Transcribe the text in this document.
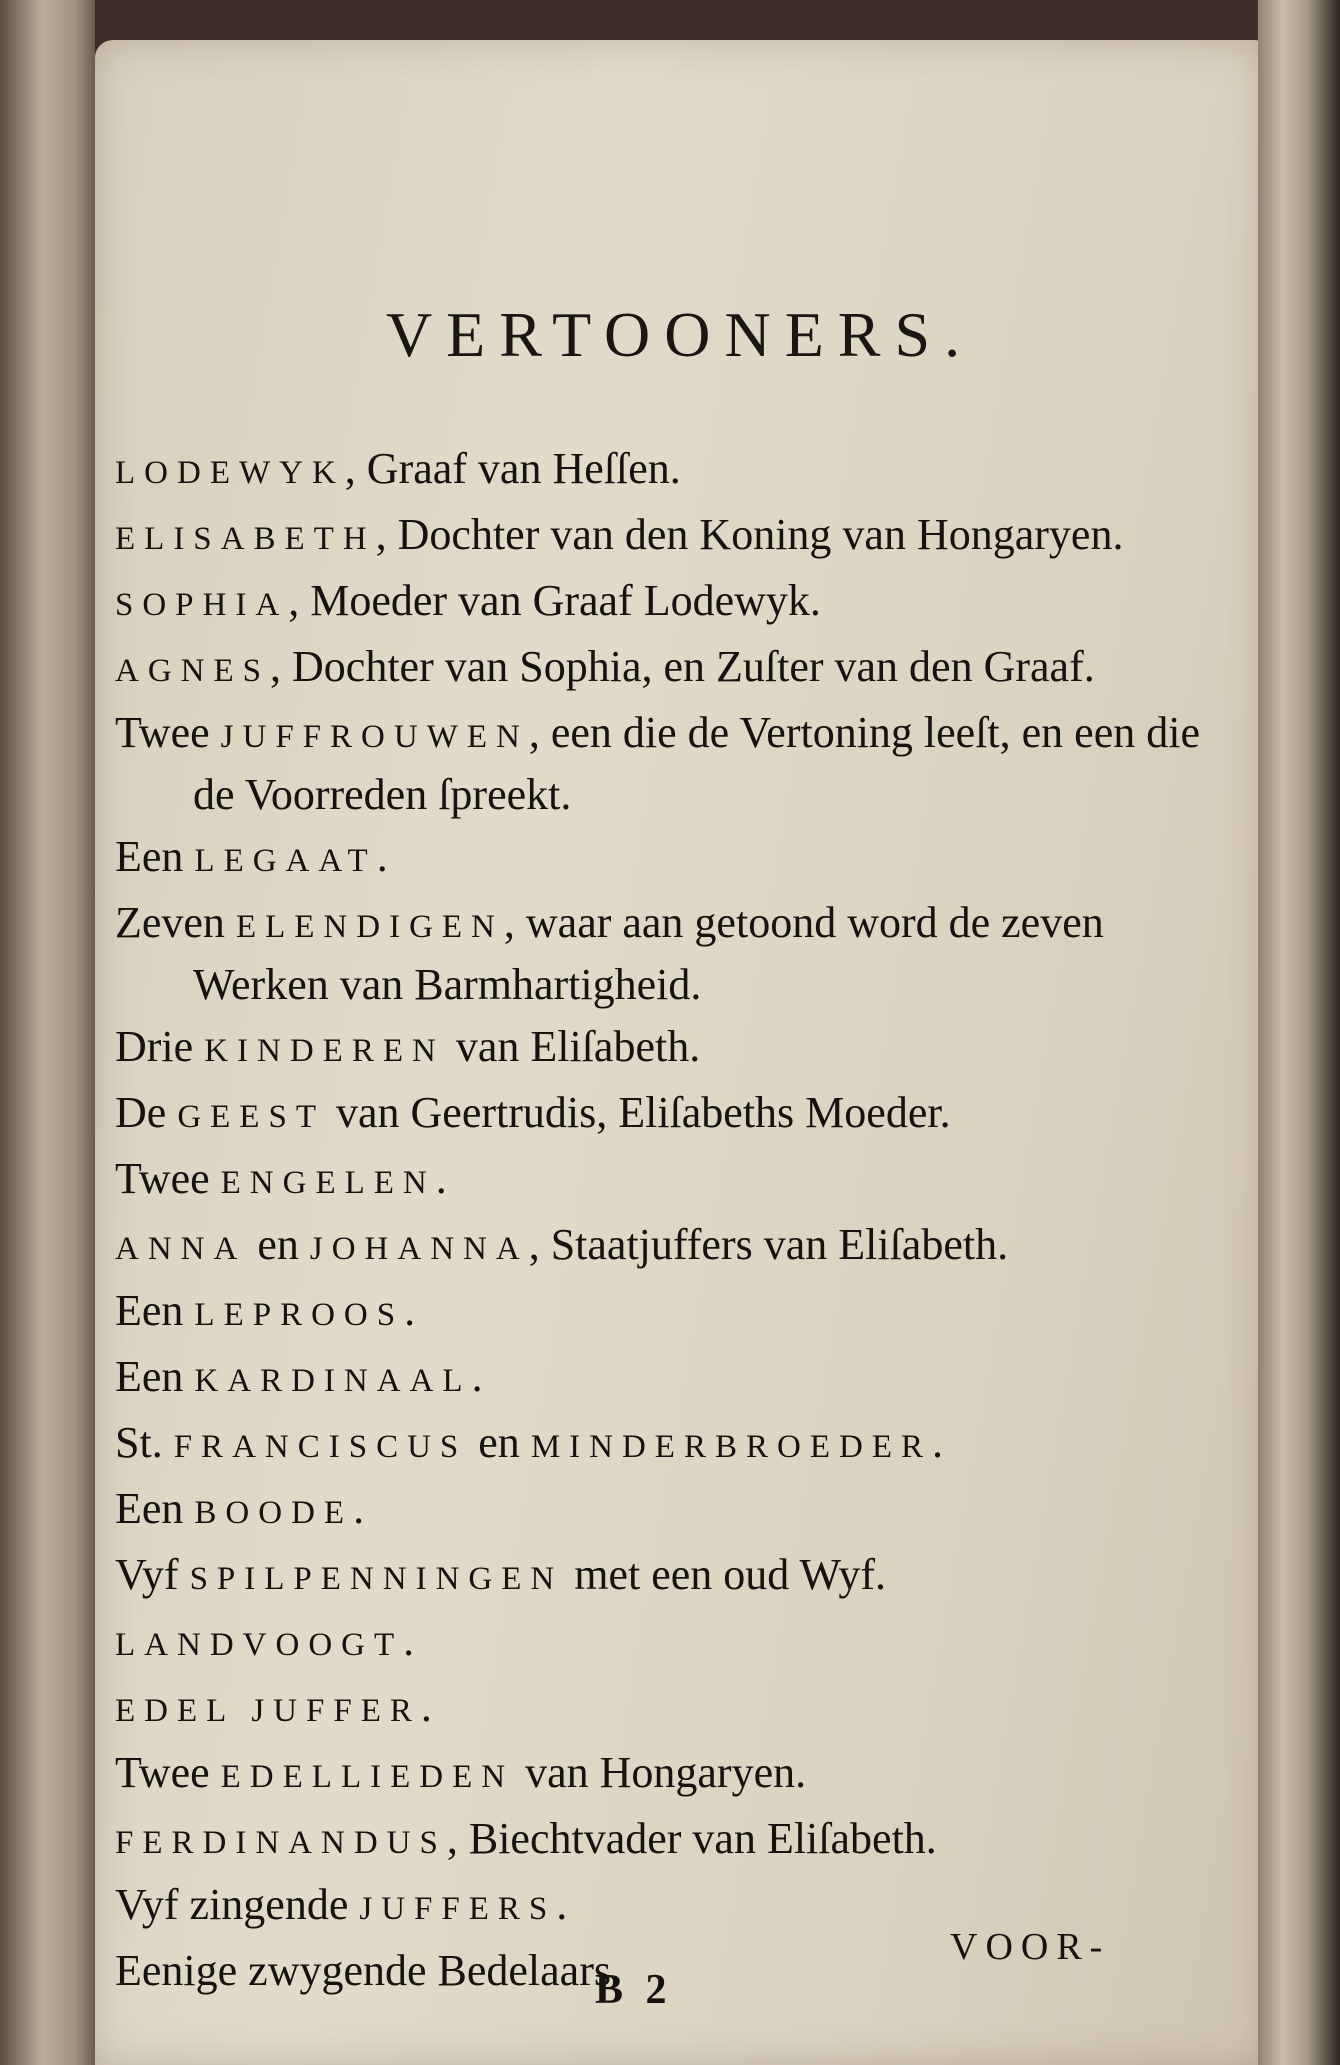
VERTOONERS.

LODEWYK, Graaf van Heſſen.

ELISABETH, Dochter van den Koning van Hongaryen.

SOPHIA, Moeder van Graaf Lodewyk.

AGNES, Dochter van Sophia, en Zuſter van den Graaf.

Twee JUFFROUWEN, een die de Vertoning leeſt, en een die de Voorreden ſpreekt.

Een LEGAAT.

Zeven ELENDIGEN, waar aan getoond word de zeven Werken van Barmhartigheid.

Drie KINDEREN van Eliſabeth.

De GEEST van Geertrudis, Eliſabeths Moeder.

Twee ENGELEN.

ANNA en JOHANNA, Staatjuffers van Eliſabeth.

Een LEPROOS.

Een KARDINAAL.

St. FRANCISCUS en MINDERBROEDER.

Een BOODE.

Vyf SPILPENNINGEN met een oud Wyf.

LANDVOOGT.

EDEL JUFFER.

Twee EDELLIEDEN van Hongaryen.

FERDINANDUS, Biechtvader van Eliſabeth.

Vyf zingende JUFFERS.

Eenige zwygende Bedelaars.	VOOR-
B 2
